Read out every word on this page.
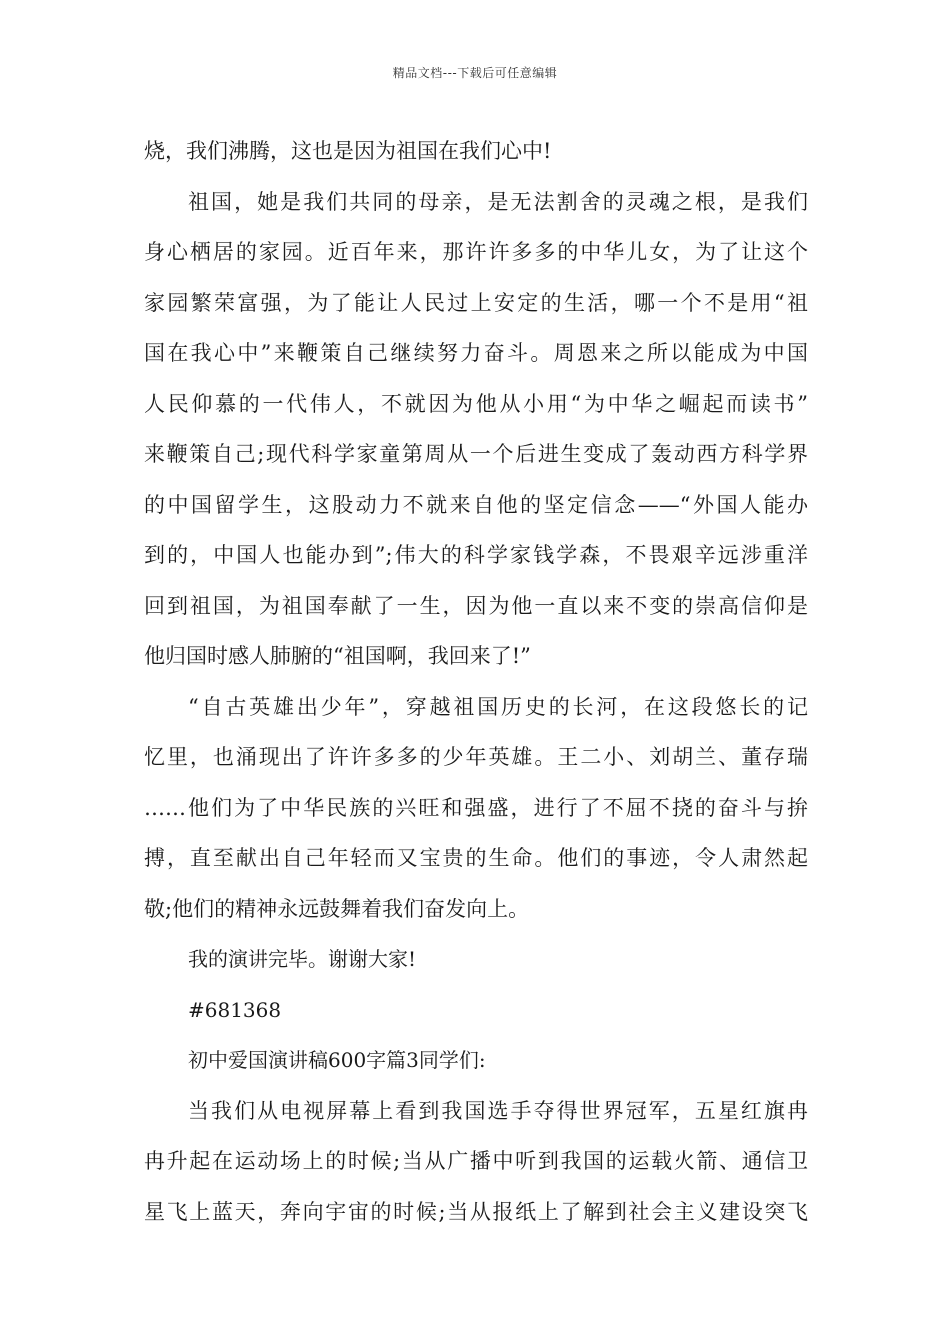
精品文档---下载后可任意编辑
烧，我们沸腾，这也是因为祖国在我们心中!
祖国，她是我们共同的母亲，是无法割舍的灵魂之根，是我们
身心栖居的家园。近百年来，那许许多多的中华儿女，为了让这个
家园繁荣富强，为了能让人民过上安定的生活，哪一个不是用“祖
国在我心中”来鞭策自己继续努力奋斗。周恩来之所以能成为中国
人民仰慕的一代伟人，不就因为他从小用“为中华之崛起而读书”
来鞭策自己;现代科学家童第周从一个后进生变成了轰动西方科学界
的中国留学生，这股动力不就来自他的坚定信念——“外国人能办
到的，中国人也能办到”;伟大的科学家钱学森，不畏艰辛远涉重洋
回到祖国，为祖国奉献了一生，因为他一直以来不变的崇高信仰是
他归国时感人肺腑的“祖国啊，我回来了!”
“自古英雄出少年”，穿越祖国历史的长河，在这段悠长的记
忆里，也涌现出了许许多多的少年英雄。王二小、刘胡兰、董存瑞
……他们为了中华民族的兴旺和强盛，进行了不屈不挠的奋斗与拚
搏，直至献出自己年轻而又宝贵的生命。他们的事迹，令人肃然起
敬;他们的精神永远鼓舞着我们奋发向上。
我的演讲完毕。谢谢大家!
#681368
初中爱国演讲稿600字篇3同学们:
当我们从电视屏幕上看到我国选手夺得世界冠军，五星红旗冉
冉升起在运动场上的时候;当从广播中听到我国的运载火箭、通信卫
星飞上蓝天，奔向宇宙的时候;当从报纸上了解到社会主义建设突飞
